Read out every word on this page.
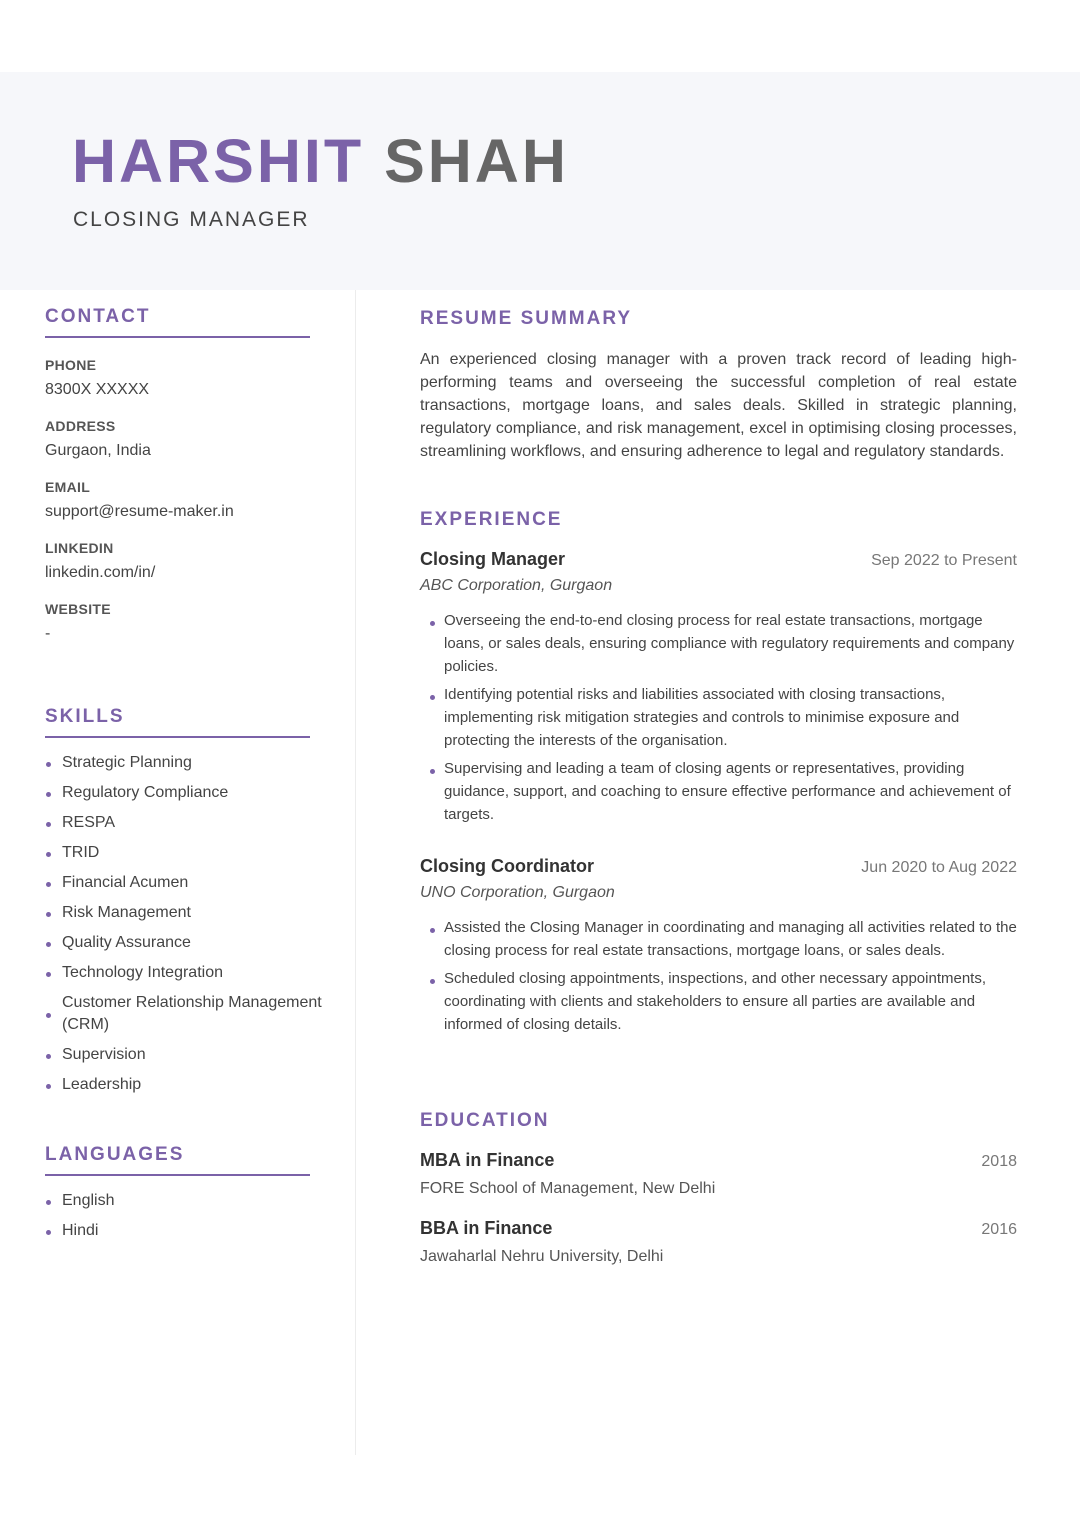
HARSHIT SHAH
CLOSING MANAGER
CONTACT
PHONE
8300X XXXXX
ADDRESS
Gurgaon, India
EMAIL
support@resume-maker.in
LINKEDIN
linkedin.com/in/
WEBSITE
-
SKILLS
Strategic Planning
Regulatory Compliance
RESPA
TRID
Financial Acumen
Risk Management
Quality Assurance
Technology Integration
Customer Relationship Management (CRM)
Supervision
Leadership
LANGUAGES
English
Hindi
RESUME SUMMARY

An experienced closing manager with a proven track record of leading high-performing teams and overseeing the successful completion of real estate transactions, mortgage loans, and sales deals. Skilled in strategic planning, regulatory compliance, and risk management, excel in optimising closing processes, streamlining workflows, and ensuring adherence to legal and regulatory standards.

EXPERIENCE
Closing Manager	Sep 2022 to Present
ABC Corporation, Gurgaon
Overseeing the end-to-end closing process for real estate transactions, mortgage loans, or sales deals, ensuring compliance with regulatory requirements and company policies.
Identifying potential risks and liabilities associated with closing transactions, implementing risk mitigation strategies and controls to minimise exposure and protecting the interests of the organisation.
Supervising and leading a team of closing agents or representatives, providing guidance, support, and coaching to ensure effective performance and achievement of targets.
Closing Coordinator	Jun 2020 to Aug 2022
UNO Corporation, Gurgaon
Assisted the Closing Manager in coordinating and managing all activities related to the closing process for real estate transactions, mortgage loans, or sales deals.
Scheduled closing appointments, inspections, and other necessary appointments, coordinating with clients and stakeholders to ensure all parties are available and informed of closing details.
EDUCATION
MBA in Finance	2018
FORE School of Management, New Delhi
BBA in Finance	2016
Jawaharlal Nehru University, Delhi
